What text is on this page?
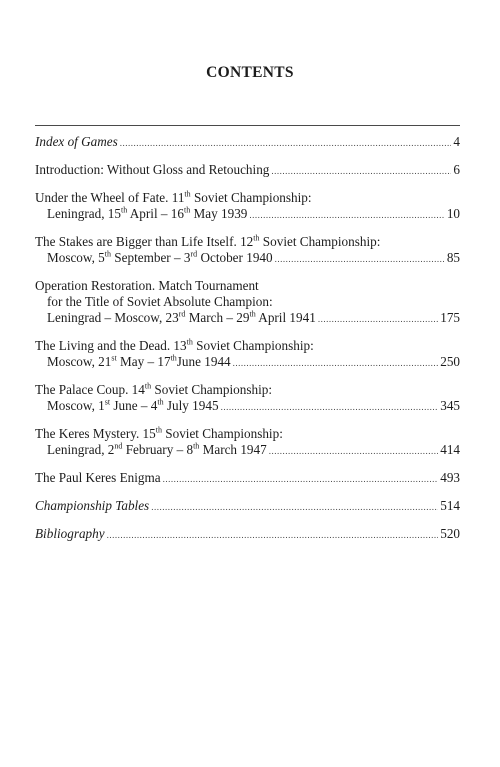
CONTENTS
Index of Games .....	4
Introduction: Without Gloss and Retouching .....	6
Under the Wheel of Fate. 11th Soviet Championship:
Leningrad, 15th April – 16th May 1939 .....	10
The Stakes are Bigger than Life Itself. 12th Soviet Championship:
Moscow, 5th September – 3rd October 1940 .....	85
Operation Restoration. Match Tournament
for the Title of Soviet Absolute Champion:
Leningrad – Moscow, 23rd March – 29th April 1941 .....	175
The Living and the Dead. 13th Soviet Championship:
Moscow, 21st May – 17thJune 1944 .....	250
The Palace Coup. 14th Soviet Championship:
Moscow, 1st June – 4th July 1945 .....	345
The Keres Mystery. 15th Soviet Championship:
Leningrad, 2nd February – 8th March 1947 .....	414
The Paul Keres Enigma .....	493
Championship Tables .....	514
Bibliography .....	520
